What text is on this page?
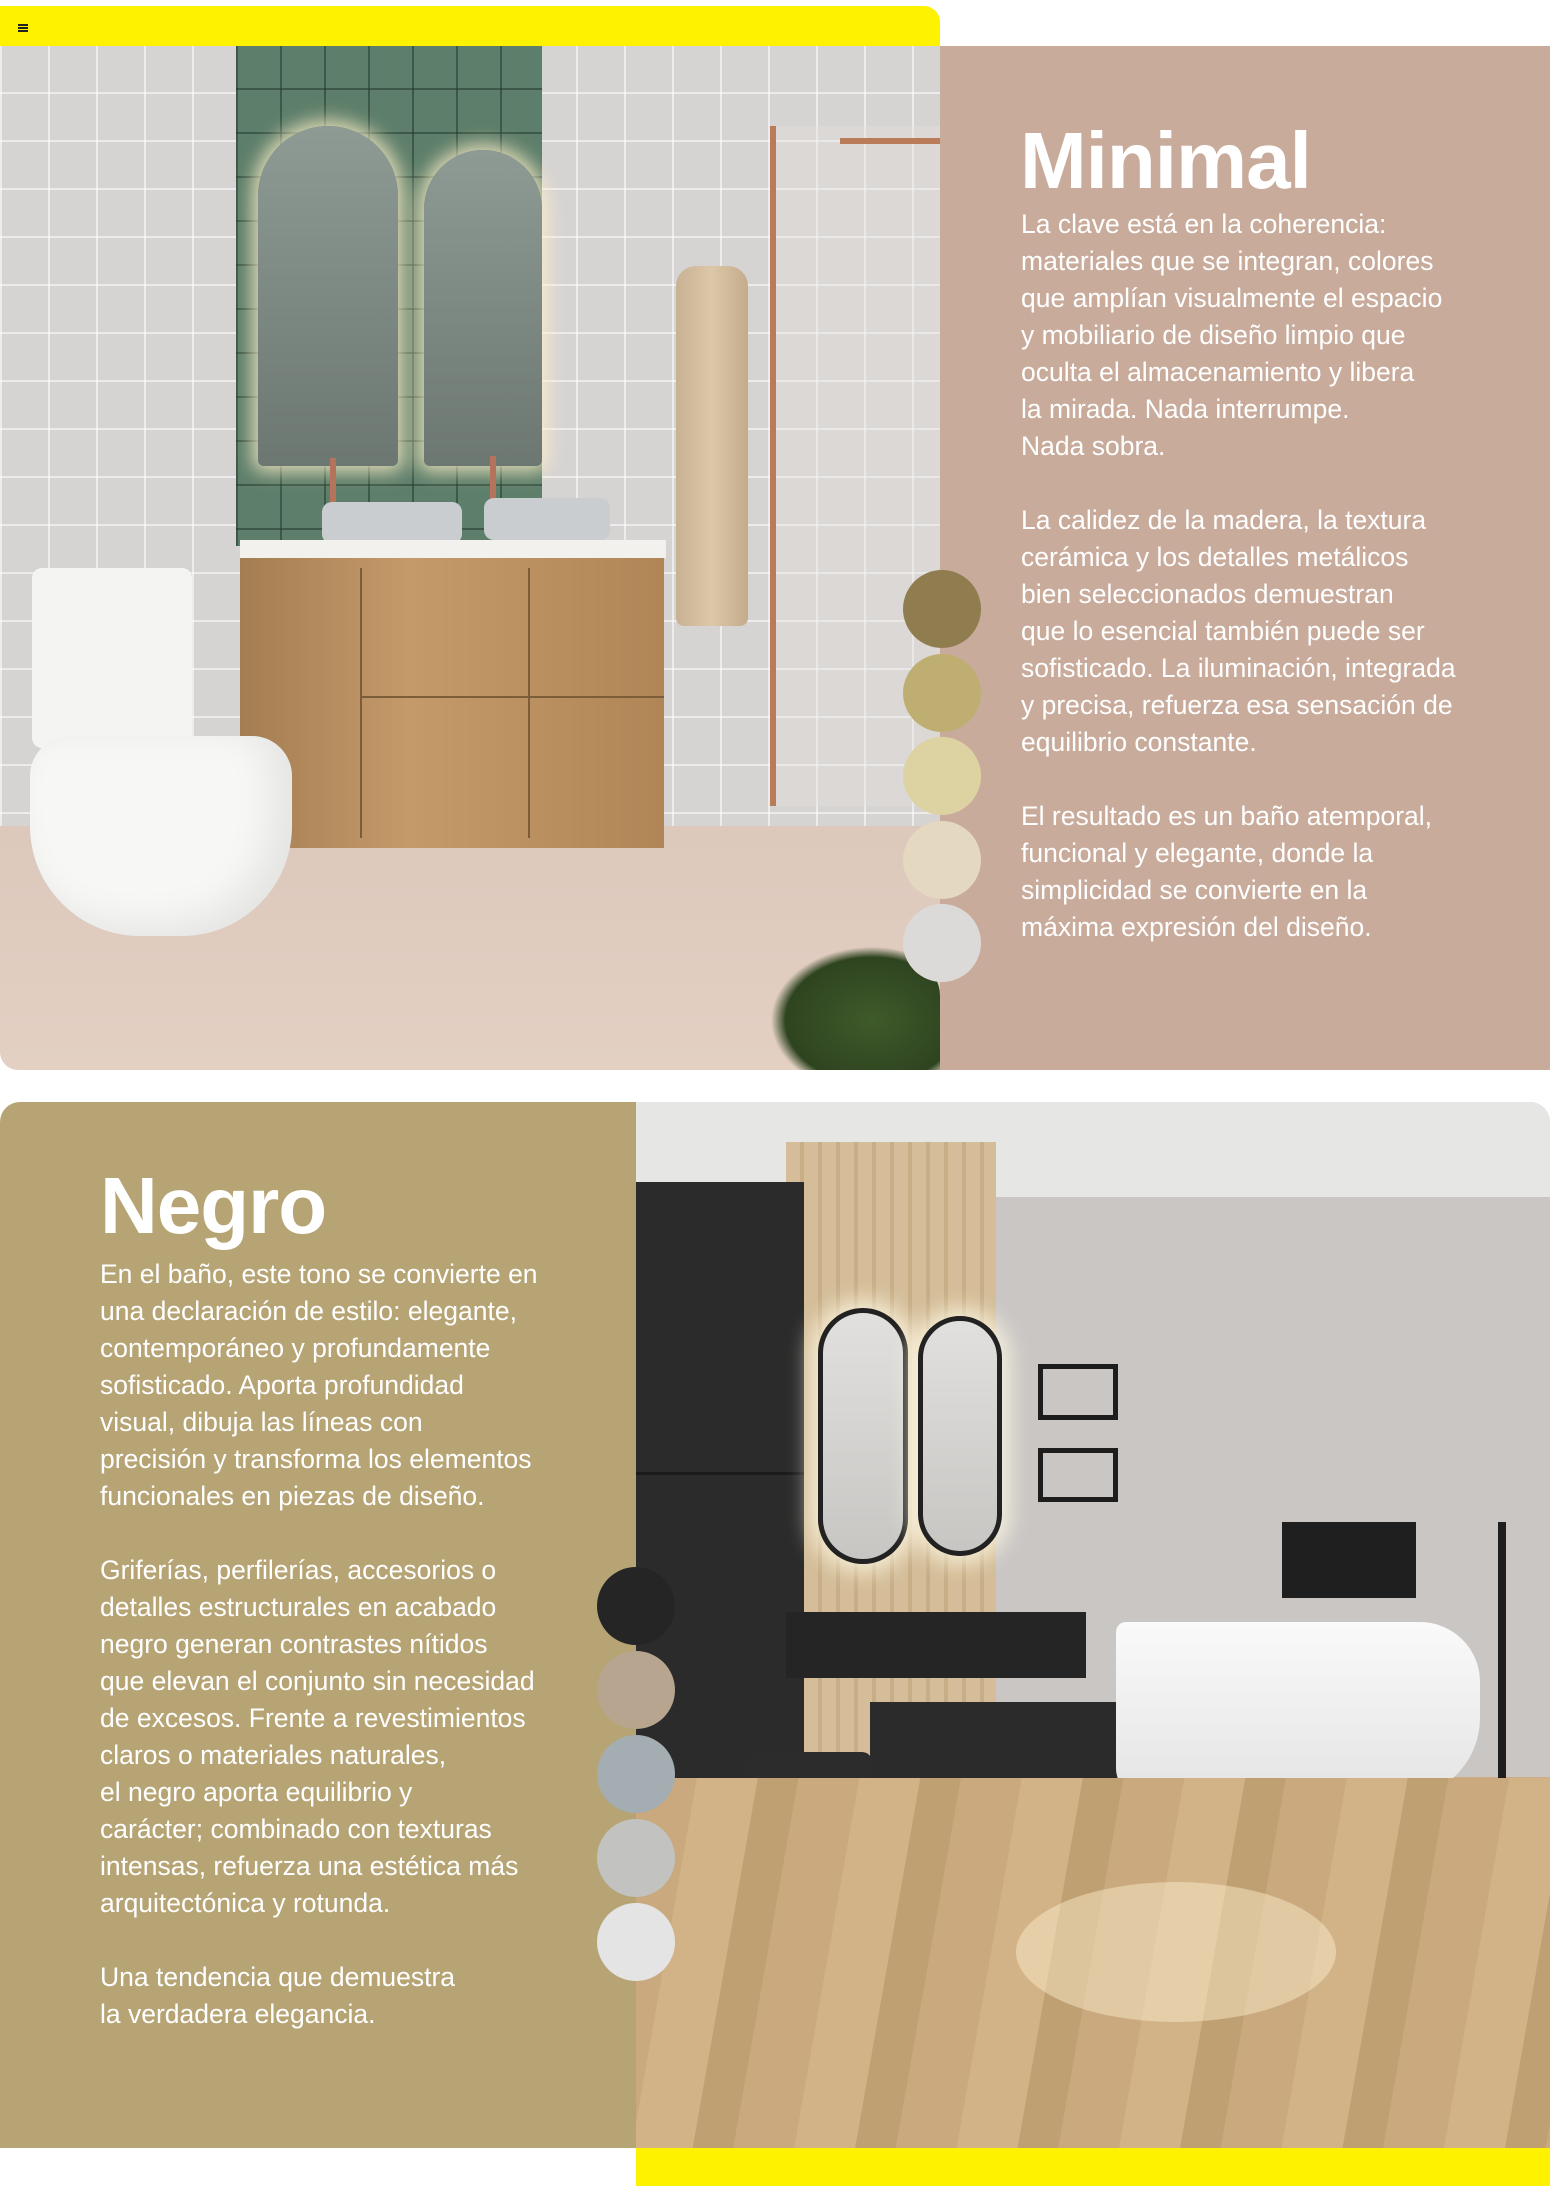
Minimal
La clave está en la coherencia:
materiales que se integran, colores
que amplían visualmente el espacio
y mobiliario de diseño limpio que
oculta el almacenamiento y libera
la mirada. Nada interrumpe.
Nada sobra.

La calidez de la madera, la textura
cerámica y los detalles metálicos
bien seleccionados demuestran
que lo esencial también puede ser
sofisticado. La iluminación, integrada
y precisa, refuerza esa sensación de
equilibrio constante.

El resultado es un baño atemporal,
funcional y elegante, donde la
simplicidad se convierte en la
máxima expresión del diseño.
Negro
En el baño, este tono se convierte en
una declaración de estilo: elegante,
contemporáneo y profundamente
sofisticado. Aporta profundidad
visual, dibuja las líneas con
precisión y transforma los elementos
funcionales en piezas de diseño.

Griferías, perfilerías, accesorios o
detalles estructurales en acabado
negro generan contrastes nítidos
que elevan el conjunto sin necesidad
de excesos. Frente a revestimientos
claros o materiales naturales,
el negro aporta equilibrio y
carácter; combinado con texturas
intensas, refuerza una estética más
arquitectónica y rotunda.

Una tendencia que demuestra
la verdadera elegancia.
